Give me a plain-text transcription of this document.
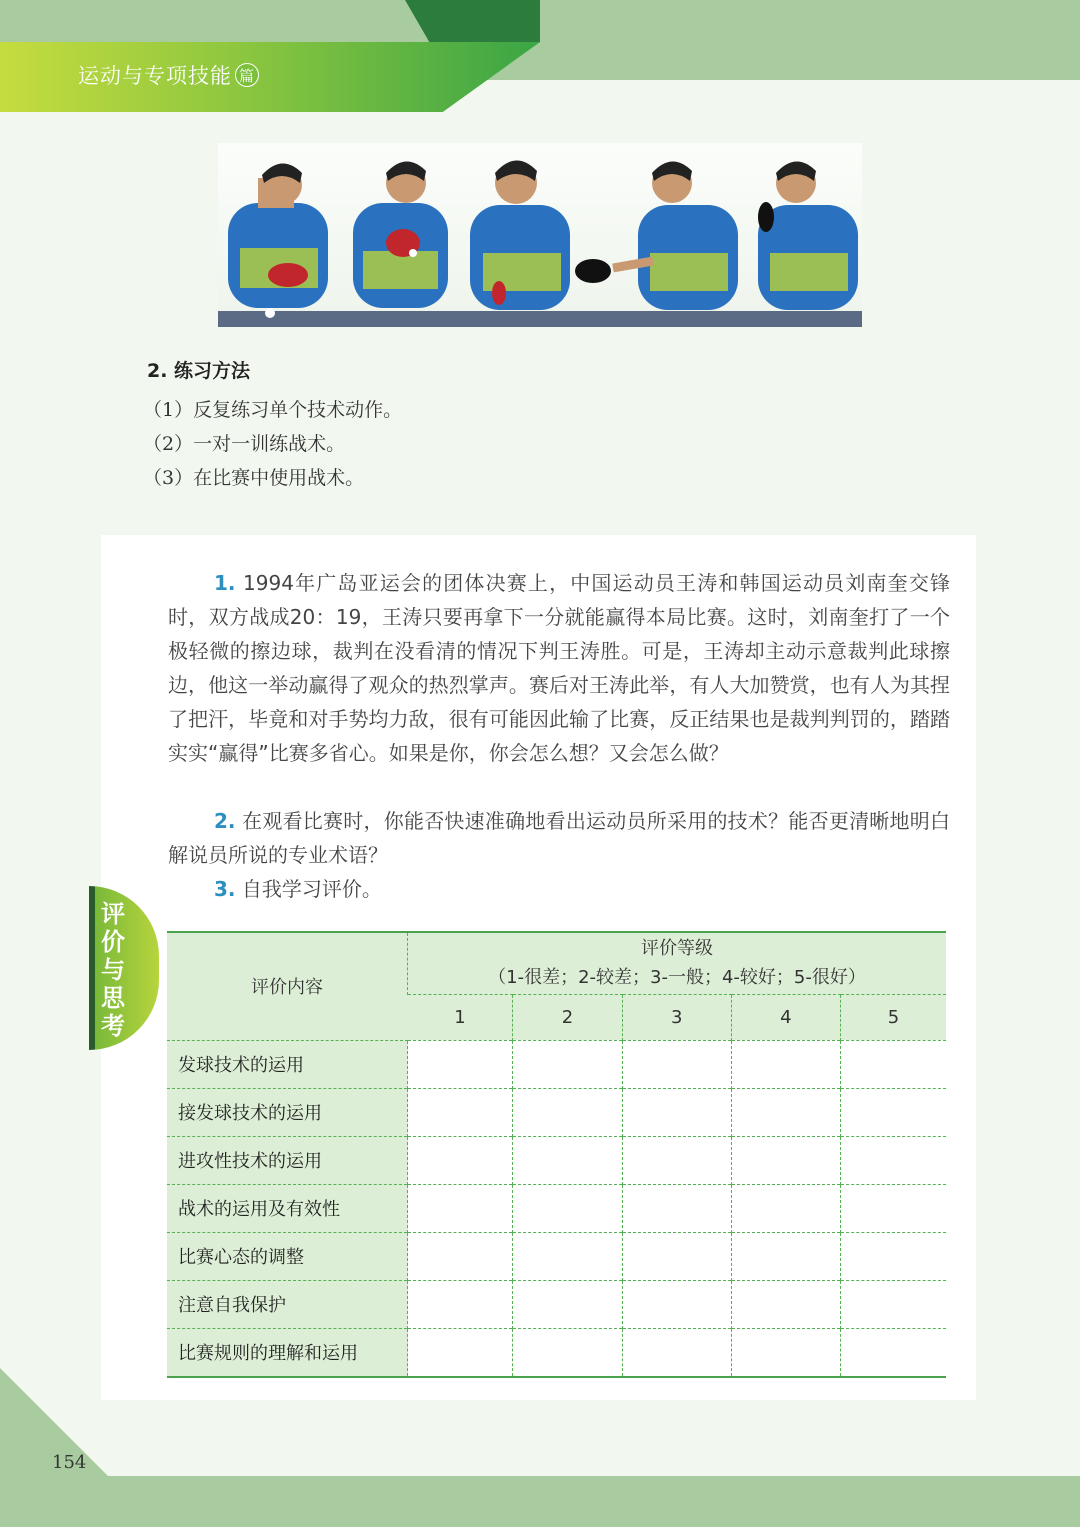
运动与专项技能 篇
2. 练习方法
（1）反复练习单个技术动作。
（2）一对一训练战术。
（3）在比赛中使用战术。
1. 1994年广岛亚运会的团体决赛上，中国运动员王涛和韩国运动员刘南奎交锋时，双方战成20：19，王涛只要再拿下一分就能赢得本局比赛。这时，刘南奎打了一个极轻微的擦边球，裁判在没看清的情况下判王涛胜。可是，王涛却主动示意裁判此球擦边，他这一举动赢得了观众的热烈掌声。赛后对王涛此举，有人大加赞赏，也有人为其捏了把汗，毕竟和对手势均力敌，很有可能因此输了比赛，反正结果也是裁判判罚的，踏踏实实“赢得”比赛多省心。如果是你，你会怎么想？又会怎么做？
2. 在观看比赛时，你能否快速准确地看出运动员所采用的技术？能否更清晰地明白解说员所说的专业术语？
3. 自我学习评价。
评价与思考
评价内容	评价等级
（1-很差；2-较差；3-一般；4-较好；5-很好）				

	1	2	3	4	5
发球技术的运用					
接发球技术的运用					
进攻性技术的运用					
战术的运用及有效性					
比赛心态的调整					
注意自我保护					
比赛规则的理解和运用					
154
